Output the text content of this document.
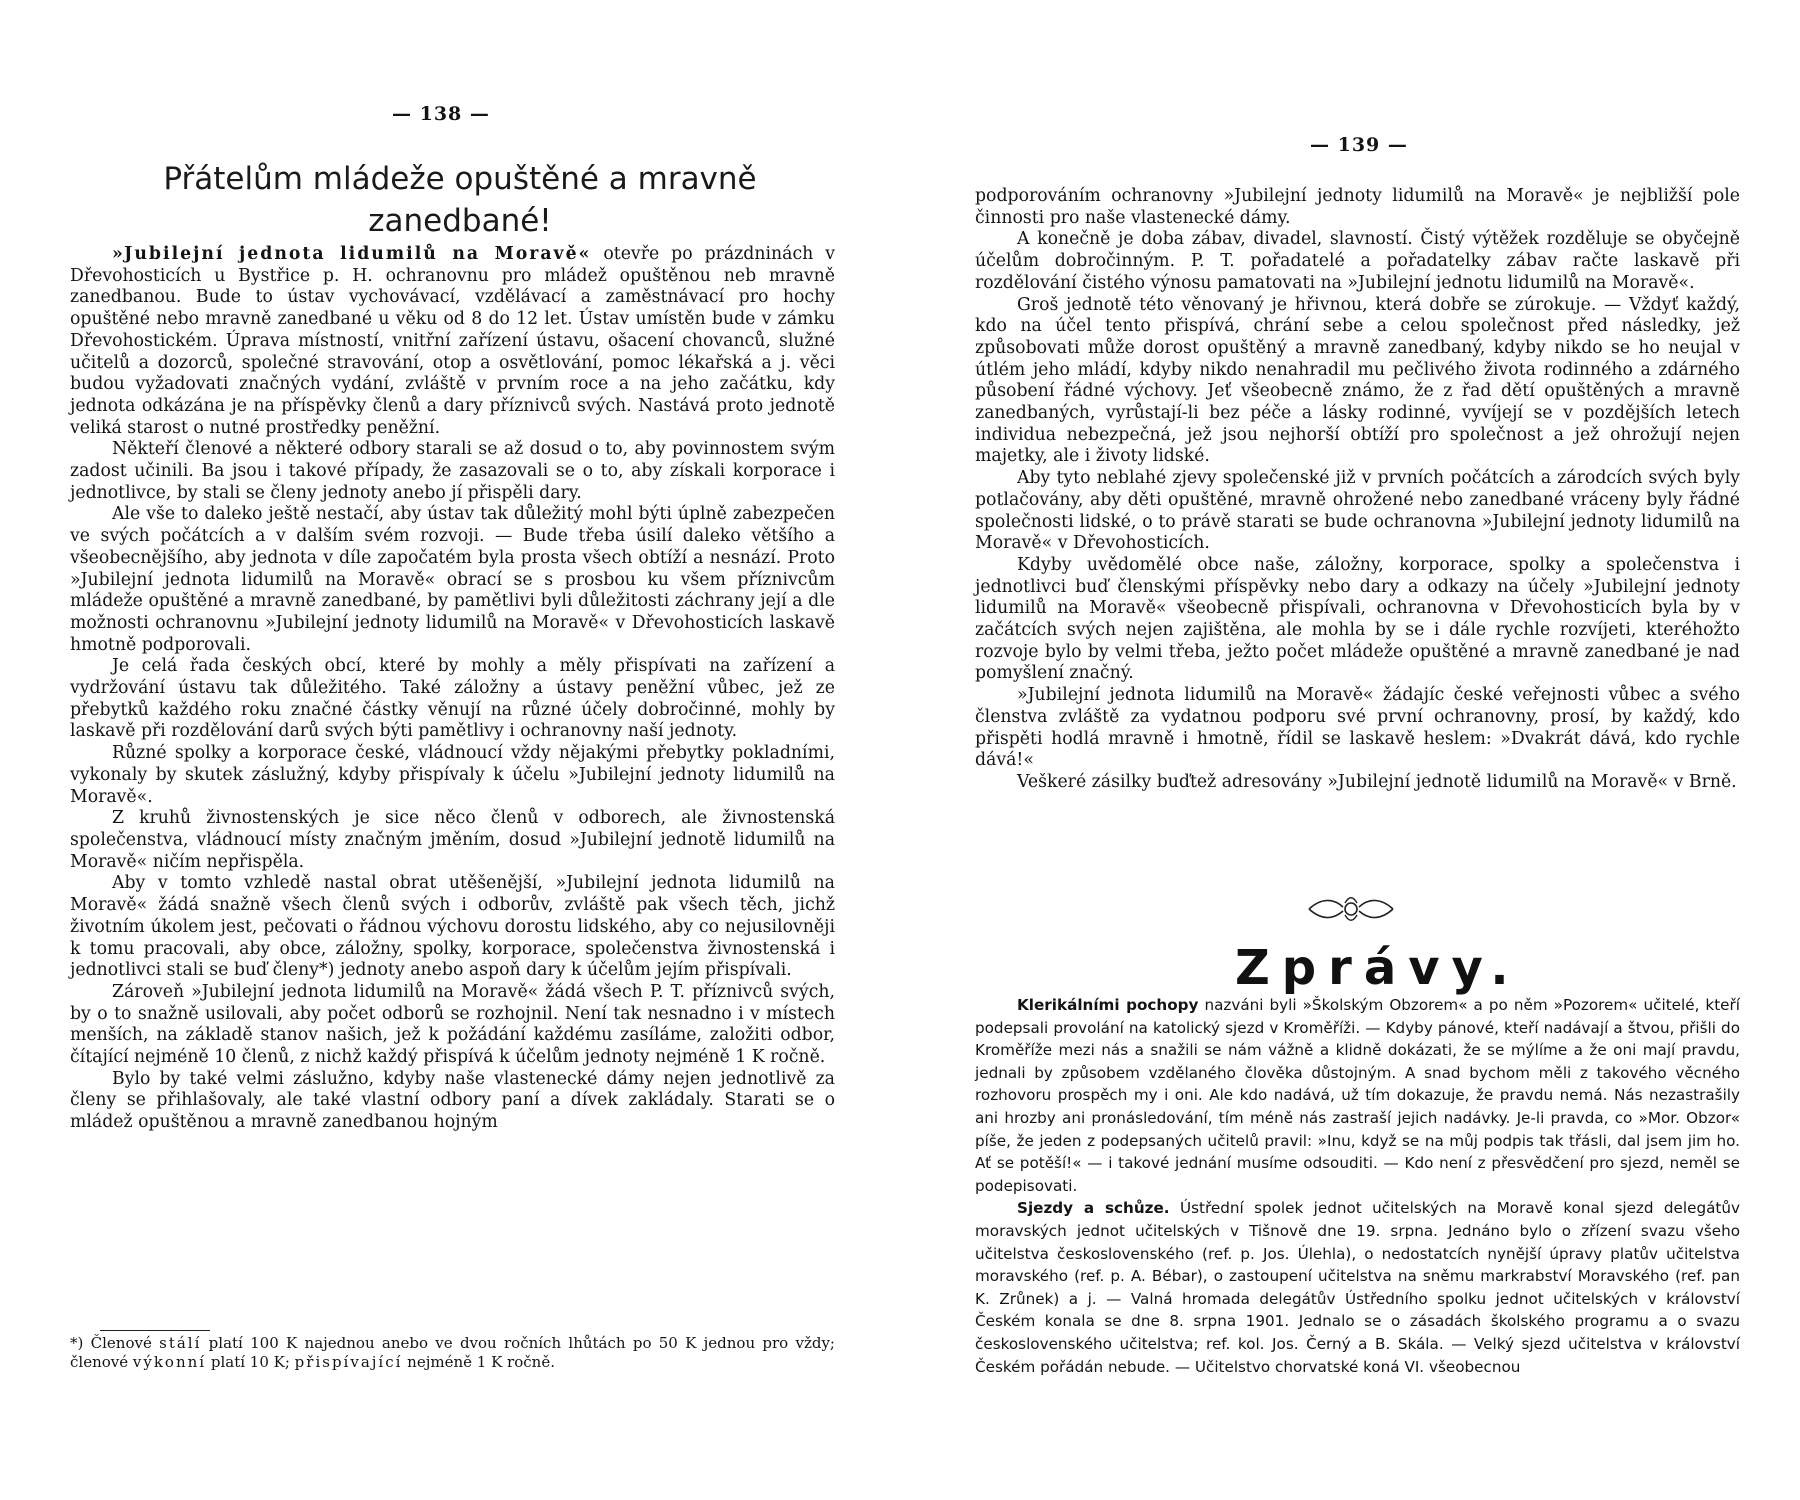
— 138 —
Přátelům mládeže opuštěné a mravně zanedbané!

»Jubilejní jednota lidumilů na Moravě« otevře po prázdninách v Dřevohosticích u Bystřice p. H. ochranovnu pro mládež opuštěnou neb mravně zanedbanou. Bude to ústav vychovávací, vzdělávací a zaměstnávací pro hochy opuštěné nebo mravně zanedbané u věku od 8 do 12 let. Ústav umístěn bude v zámku Dřevohostickém. Úprava místností, vnitřní zařízení ústavu, ošacení chovanců, služné učitelů a dozorců, společné stravování, otop a osvětlování, pomoc lékařská a j. věci budou vyžadovati značných vydání, zvláště v prvním roce a na jeho začátku, kdy jednota odkázána je na příspěvky členů a dary příznivců svých. Nastává proto jednotě veliká starost o nutné prostředky peněžní.

Někteří členové a některé odbory starali se až dosud o to, aby povinnostem svým zadost učinili. Ba jsou i takové případy, že zasazovali se o to, aby získali korporace i jednotlivce, by stali se členy jednoty anebo jí přispěli dary.

Ale vše to daleko ještě nestačí, aby ústav tak důležitý mohl býti úplně zabezpečen ve svých počátcích a v dalším svém rozvoji. — Bude třeba úsilí daleko většího a všeobecnějšího, aby jednota v díle započatém byla prosta všech obtíží a nesnází. Proto »Jubilejní jednota lidumilů na Moravě« obrací se s prosbou ku všem příznivcům mládeže opuštěné a mravně zanedbané, by pamětlivi byli důležitosti záchrany její a dle možnosti ochranovnu »Jubilejní jednoty lidumilů na Moravě« v Dřevohosticích laskavě hmotně podporovali.

Je celá řada českých obcí, které by mohly a měly přispívati na zařízení a vydržování ústavu tak důležitého. Také záložny a ústavy peněžní vůbec, jež ze přebytků každého roku značné částky věnují na různé účely dobročinné, mohly by laskavě při rozdělování darů svých býti pamětlivy i ochranovny naší jednoty.

Různé spolky a korporace české, vládnoucí vždy nějakými přebytky pokladními, vykonaly by skutek záslužný, kdyby přispívaly k účelu »Jubilejní jednoty lidumilů na Moravě«.

Z kruhů živnostenských je sice něco členů v odborech, ale živnostenská společenstva, vládnoucí místy značným jměním, dosud »Jubilejní jednotě lidumilů na Moravě« ničím nepřispěla.

Aby v tomto vzhledě nastal obrat utěšenější, »Jubilejní jednota lidumilů na Moravě« žádá snažně všech členů svých i odborův, zvláště pak všech těch, jichž životním úkolem jest, pečovati o řádnou výchovu dorostu lidského, aby co nejusilovněji k tomu pracovali, aby obce, záložny, spolky, korporace, společenstva živnostenská i jednotlivci stali se buď členy*) jednoty anebo aspoň dary k účelům jejím přispívali.

Zároveň »Jubilejní jednota lidumilů na Moravě« žádá všech P. T. příznivců svých, by o to snažně usilovali, aby počet odborů se rozhojnil. Není tak nesnadno i v místech menších, na základě stanov našich, jež k požádání každému zasíláme, založiti odbor, čítající nejméně 10 členů, z nichž každý přispívá k účelům jednoty nejméně 1 K ročně.

Bylo by také velmi záslužno, kdyby naše vlastenecké dámy nejen jednotlivě za členy se přihlašovaly, ale také vlastní odbory paní a dívek zakládaly. Starati se o mládež opuštěnou a mravně zanedbanou hojným

*) Členové stálí platí 100 K najednou anebo ve dvou ročních lhůtách po 50 K jednou pro vždy; členové výkonní platí 10 K; přispívající nejméně 1 K ročně.
— 139 —

podporováním ochranovny »Jubilejní jednoty lidumilů na Moravě« je nejbližší pole činnosti pro naše vlastenecké dámy.

A konečně je doba zábav, divadel, slavností. Čistý výtěžek rozděluje se obyčejně účelům dobročinným. P. T. pořadatelé a pořadatelky zábav račte laskavě při rozdělování čistého výnosu pamatovati na »Jubilejní jednotu lidumilů na Moravě«.

Groš jednotě této věnovaný je hřivnou, která dobře se zúrokuje. — Vždyť každý, kdo na účel tento přispívá, chrání sebe a celou společnost před následky, jež způsobovati může dorost opuštěný a mravně zanedbaný, kdyby nikdo se ho neujal v útlém jeho mládí, kdyby nikdo nenahradil mu pečlivého života rodinného a zdárného působení řádné výchovy. Jeť všeobecně známo, že z řad dětí opuštěných a mravně zanedbaných, vyrůstají-li bez péče a lásky rodinné, vyvíjejí se v pozdějších letech individua nebezpečná, jež jsou nejhorší obtíží pro společnost a jež ohrožují nejen majetky, ale i životy lidské.

Aby tyto neblahé zjevy společenské již v prvních počátcích a zárodcích svých byly potlačovány, aby děti opuštěné, mravně ohrožené nebo zanedbané vráceny byly řádné společnosti lidské, o to právě starati se bude ochranovna »Jubilejní jednoty lidumilů na Moravě« v Dřevohosticích.

Kdyby uvědomělé obce naše, záložny, korporace, spolky a společenstva i jednotlivci buď členskými příspěvky nebo dary a odkazy na účely »Jubilejní jednoty lidumilů na Moravě« všeobecně přispívali, ochranovna v Dřevohosticích byla by v začátcích svých nejen zajištěna, ale mohla by se i dále rychle rozvíjeti, kteréhožto rozvoje bylo by velmi třeba, ježto počet mládeže opuštěné a mravně zanedbané je nad pomyšlení značný.

»Jubilejní jednota lidumilů na Moravě« žádajíc české veřejnosti vůbec a svého členstva zvláště za vydatnou podporu své první ochranovny, prosí, by každý, kdo přispěti hodlá mravně i hmotně, řídil se laskavě heslem: »Dvakrát dává, kdo rychle dává!«

Veškeré zásilky buďtež adresovány »Jubilejní jednotě lidumilů na Moravě« v Brně.

Zprávy.

Klerikálními pochopy nazváni byli »Školským Obzorem« a po něm »Pozorem« učitelé, kteří podepsali provolání na katolický sjezd v Kroměříži. — Kdyby pánové, kteří nadávají a štvou, přišli do Kroměříže mezi nás a snažili se nám vážně a klidně dokázati, že se mýlíme a že oni mají pravdu, jednali by způsobem vzdělaného člověka důstojným. A snad bychom měli z takového věcného rozhovoru prospěch my i oni. Ale kdo nadává, už tím dokazuje, že pravdu nemá. Nás nezastrašily ani hrozby ani pronásledování, tím méně nás zastraší jejich nadávky. Je-li pravda, co »Mor. Obzor« píše, že jeden z podepsaných učitelů pravil: »Inu, když se na můj podpis tak třásli, dal jsem jim ho. Ať se potěší!« — i takové jednání musíme odsouditi. — Kdo není z přesvědčení pro sjezd, neměl se podepisovati.

Sjezdy a schůze. Ústřední spolek jednot učitelských na Moravě konal sjezd delegátův moravských jednot učitelských v Tišnově dne 19. srpna. Jednáno bylo o zřízení svazu všeho učitelstva československého (ref. p. Jos. Úlehla), o nedostatcích nynější úpravy platův učitelstva moravského (ref. p. A. Bébar), o zastoupení učitelstva na sněmu markrabství Moravského (ref. pan K. Zrůnek) a j. — Valná hromada delegátův Ústředního spolku jednot učitelských v království Českém konala se dne 8. srpna 1901. Jednalo se o zásadách školského programu a o svazu československého učitelstva; ref. kol. Jos. Černý a B. Skála. — Velký sjezd učitelstva v království Českém pořádán nebude. — Učitelstvo chorvatské koná VI. všeobecnou
